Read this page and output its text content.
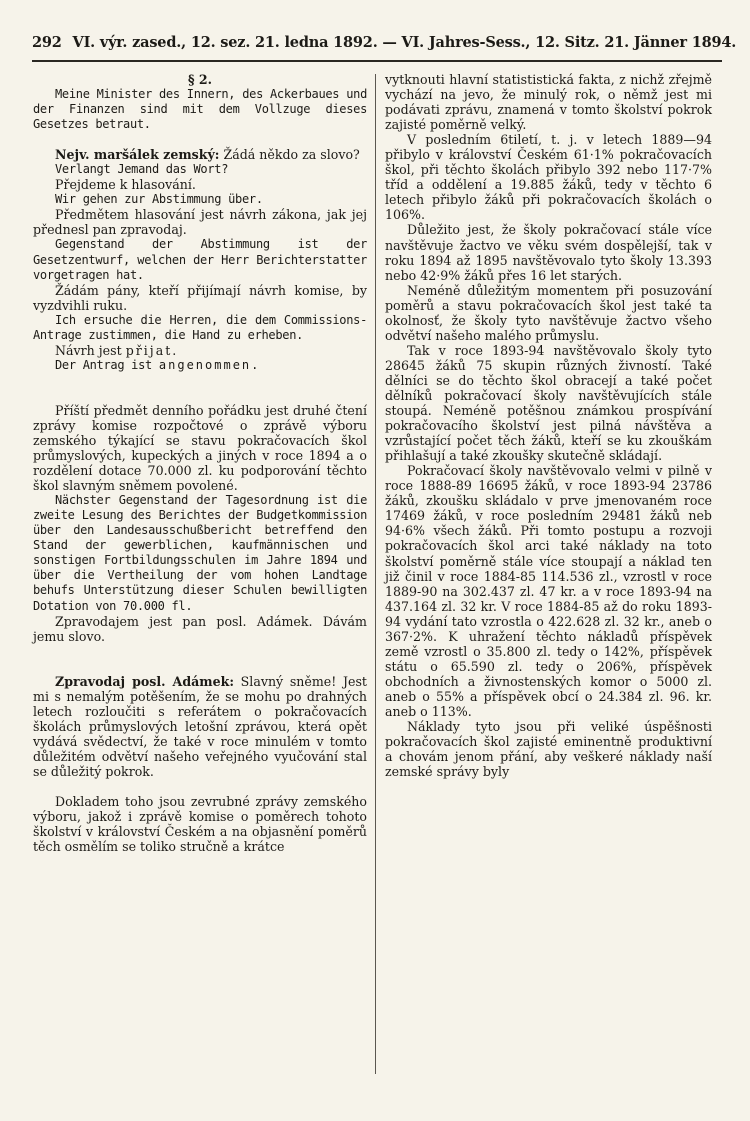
292 VI. výr. zased., 12. sez. 21. ledna 1892. — VI. Jahres-Sess., 12. Sitz. 21. Jänner 1894.

§ 2.

Meine Minister des Innern, des Ackerbaues und der Finanzen sind mit dem Vollzuge dieses Gesetzes betraut.

Nejv. maršálek zemský: Žádá někdo za slovo?

Verlangt Jemand das Wort?

Přejdeme k hlasování.

Wir gehen zur Abstimmung über.

Předmětem hlasování jest návrh zákona, jak jej přednesl pan zpravodaj.

Gegenstand der Abstimmung ist der Gesetzentwurf, welchen der Herr Berichterstatter vorgetragen hat.

Žádám pány, kteří přijímají návrh komise, by vyzdvihli ruku.

Ich ersuche die Herren, die dem Commissions-Antrage zustimmen, die Hand zu erheben.

Návrh jest přijat.

Der Antrag ist angenommen.

Příští předmět denního pořádku jest druhé čtení zprávy komise rozpočtové o zprávě výboru zemského týkající se stavu pokračovacích škol průmyslových, kupeckých a jiných v roce 1894 a o rozdělení dotace 70.000 zl. ku podporování těchto škol slavným sněmem povolené.

Nächster Gegenstand der Tagesordnung ist die zweite Lesung des Berichtes der Budgetkommission über den Landesausschußbericht betreffend den Stand der gewerblichen, kaufmännischen und sonstigen Fortbildungsschulen im Jahre 1894 und über die Vertheilung der vom hohen Landtage behufs Unterstützung dieser Schulen bewilligten Dotation von 70.000 fl.

Zpravodajem jest pan posl. Adámek. Dávám jemu slovo.

Zpravodaj posl. Adámek: Slavný sněme! Jest mi s nemalým potěšením, že se mohu po drahných letech rozloučiti s referátem o pokračovacích školách průmyslových letošní zprávou, která opět vydává svědectví, že také v roce minulém v tomto důležitém odvětví našeho veřejného vyučování stal se důležitý pokrok.

Dokladem toho jsou zevrubné zprávy zemského výboru, jakož i zprávě komise o poměrech tohoto školství v království Českém a na objasnění poměrů těch osmělím se toliko stručně a krátce

vytknouti hlavní statististická fakta, z nichž zřejmě vychází na jevo, že minulý rok, o němž jest mi podávati zprávu, znamená v tomto školství pokrok zajisté poměrně velký.

V posledním 6tiletí, t. j. v letech 1889—94 přibylo v království Českém 61·1% pokračovacích škol, při těchto školách přibylo 392 nebo 117·7% tříd a oddělení a 19.885 žáků, tedy v těchto 6 letech přibylo žáků při pokračovacích školách o 106%.

Důležito jest, že školy pokračovací stále více navštěvuje žactvo ve věku svém dospělejší, tak v roku 1894 až 1895 navštěvovalo tyto školy 13.393 nebo 42·9% žáků přes 16 let starých.

Neméně důležitým momentem při posuzování poměrů a stavu pokračovacích škol jest také ta okolnosť, že školy tyto navštěvuje žactvo všeho odvětví našeho malého průmyslu.

Tak v roce 1893-94 navštěvovalo školy tyto 28645 žáků 75 skupin různých živností. Také dělníci se do těchto škol obracejí a také počet dělníků pokračovací školy navštěvujících stále stoupá. Neméně potěšnou známkou prospívání pokračovacího školství jest pilná návštěva a vzrůstající počet těch žáků, kteří se ku zkouškám přihlašují a také zkoušky skutečně skládají.

Pokračovací školy navštěvovalo velmi v pilně v roce 1888-89 16695 žáků, v roce 1893-94 23786 žáků, zkoušku skládalo v prve jmenovaném roce 17469 žáků, v roce posledním 29481 žáků neb 94·6% všech žáků. Při tomto postupu a rozvoji pokračovacích škol arci také náklady na toto školství poměrně stále více stoupají a náklad ten již činil v roce 1884-85 114.536 zl., vzrostl v roce 1889-90 na 302.437 zl. 47 kr. a v roce 1893-94 na 437.164 zl. 32 kr. V roce 1884-85 až do roku 1893-94 vydání tato vzrostla o 422.628 zl. 32 kr., aneb o 367·2%. K uhražení těchto nákladů příspěvek země vzrostl o 35.800 zl. tedy o 142%, příspěvek státu o 65.590 zl. tedy o 206%, příspěvek obchodních a živnostenských komor o 5000 zl. aneb o 55% a příspěvek obcí o 24.384 zl. 96. kr. aneb o 113%.

Náklady tyto jsou při veliké úspěšnosti pokračovacích škol zajisté eminentně produktivní a chovám jenom přání, aby veškeré náklady naší zemské správy byly
